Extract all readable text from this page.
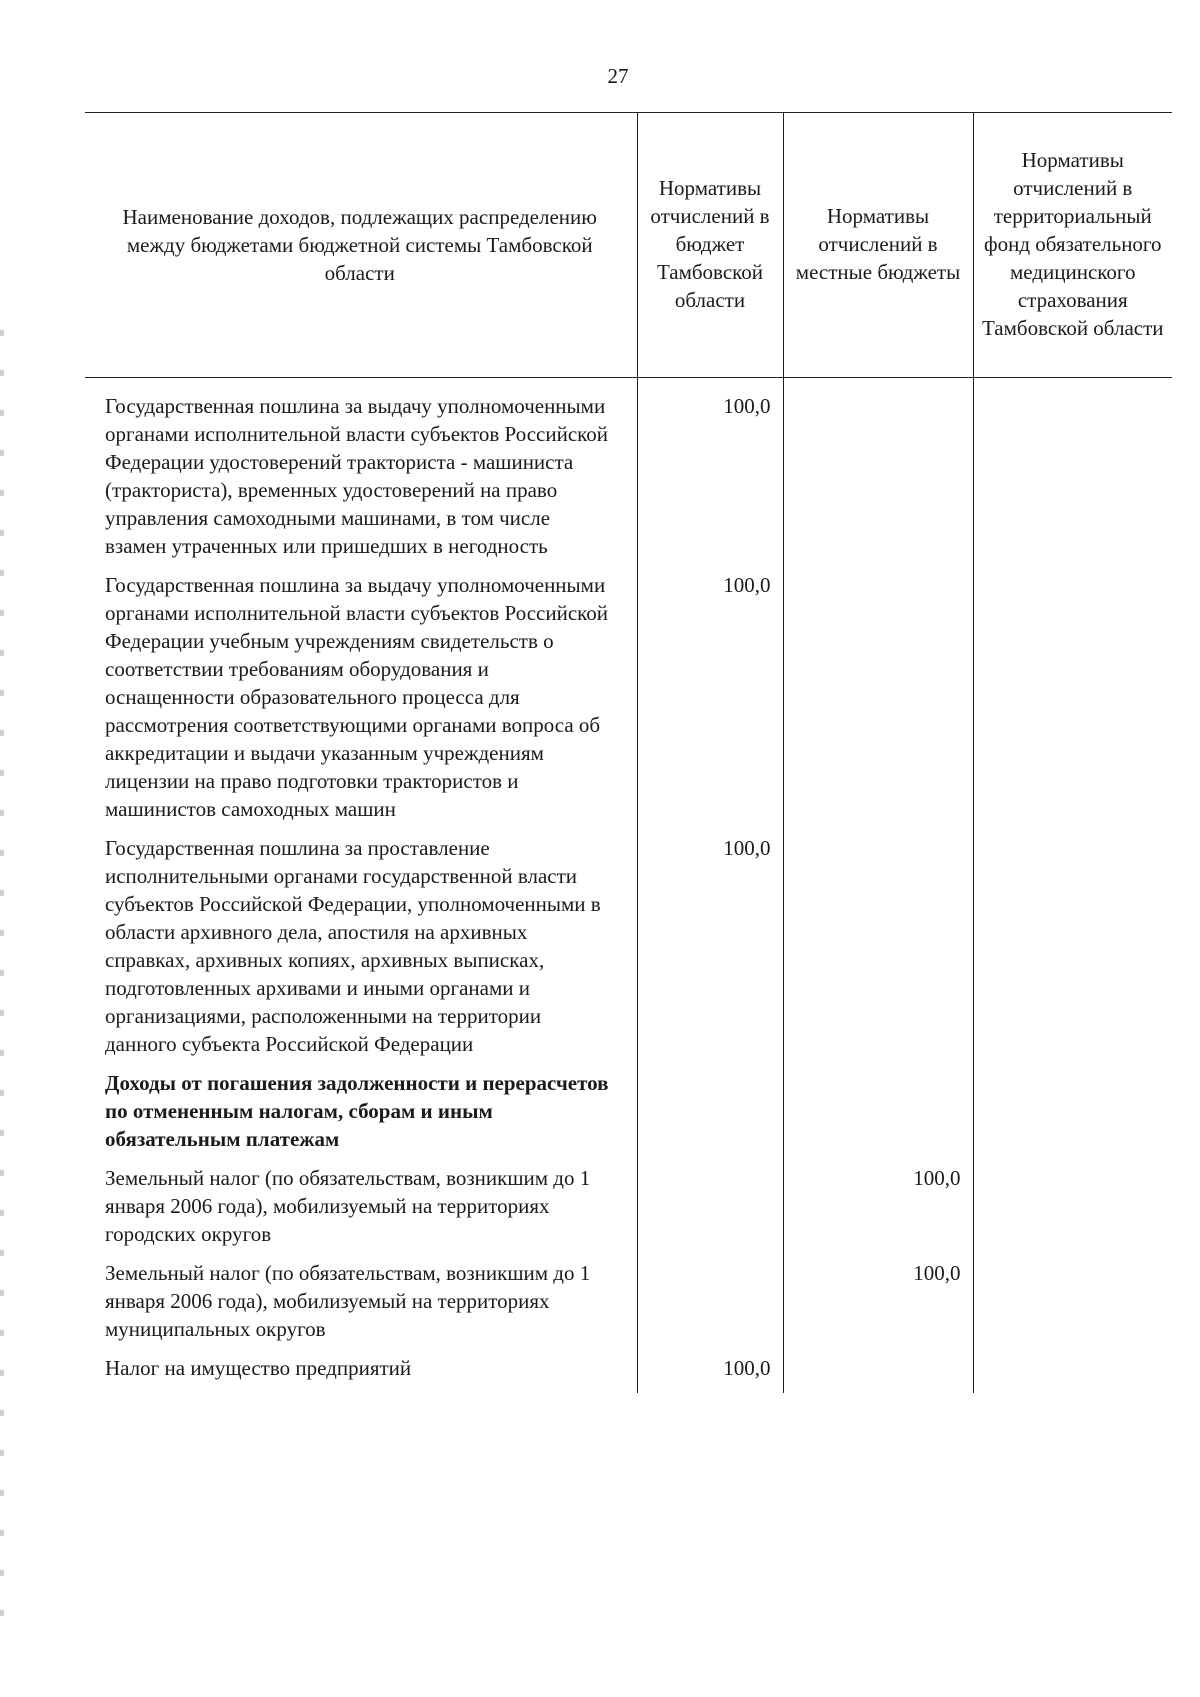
27
Наименование доходов, подлежащих распределению между бюджетами бюджетной системы Тамбовской области	Нормативы отчислений в бюджет Тамбовской области	Нормативы отчислений в местные бюджеты	Нормативы отчислений в территориальный фонд обязательного медицинского страхования Тамбовской области
Государственная пошлина за выдачу уполномоченными органами исполнительной власти субъектов Российской Федерации удостоверений тракториста - машиниста (тракториста), временных удостоверений на право управления самоходными машинами, в том числе взамен утраченных или пришедших в негодность	100,0		
Государственная пошлина за выдачу уполномоченными органами исполнительной власти субъектов Российской Федерации учебным учреждениям свидетельств о соответствии требованиям оборудования и оснащенности образовательного процесса для рассмотрения соответствующими органами вопроса об аккредитации и выдачи указанным учреждениям лицензии на право подготовки трактористов и машинистов самоходных машин	100,0		
Государственная пошлина за проставление исполнительными органами государственной власти субъектов Российской Федерации, уполномоченными в области архивного дела, апостиля на архивных справках, архивных копиях, архивных выписках, подготовленных архивами и иными органами и организациями, расположенными на территории данного субъекта Российской Федерации	100,0		
Доходы от погашения задолженности и перерасчетов по отмененным налогам, сборам и иным обязательным платежам			
Земельный налог (по обязательствам, возникшим до 1 января 2006 года), мобилизуемый на территориях городских округов		100,0	
Земельный налог (по обязательствам, возникшим до 1 января 2006 года), мобилизуемый на территориях муниципальных округов		100,0	
Налог на имущество предприятий	100,0		
